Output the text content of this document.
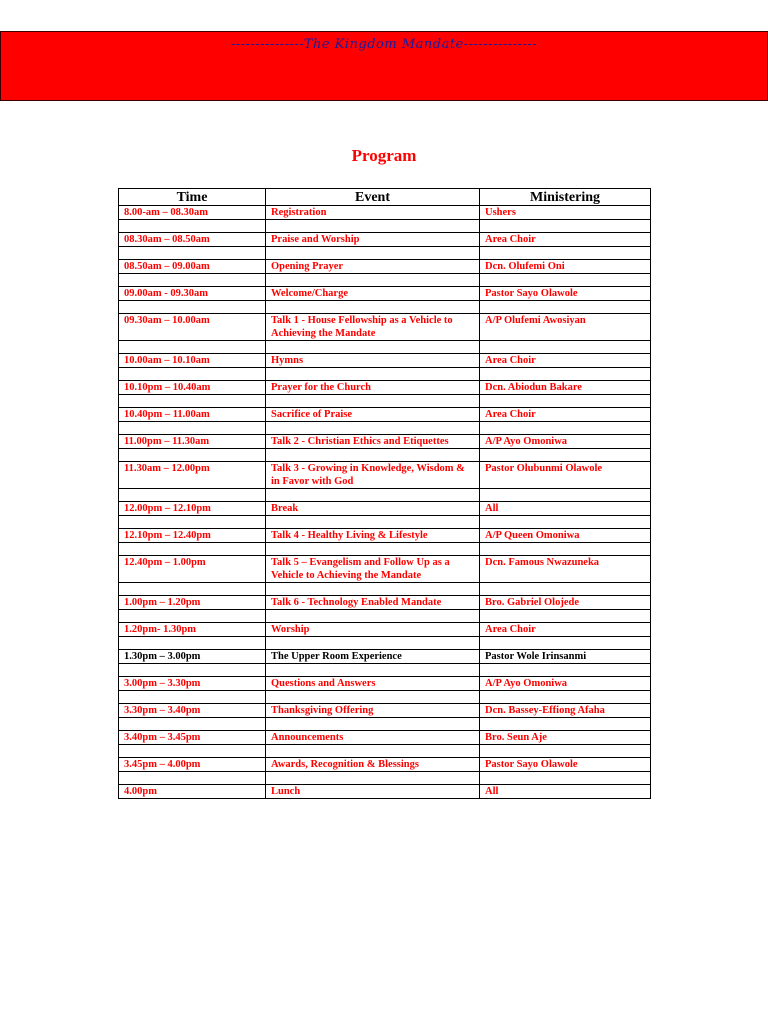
---------------The Kingdom Mandate---------------
Program
Time	Event	Ministering
8.00-am – 08.30am	Registration	Ushers

08.30am – 08.50am	Praise and Worship	Area Choir

08.50am – 09.00am	Opening Prayer	Dcn. Olufemi Oni

09.00am - 09.30am	Welcome/Charge	Pastor Sayo Olawole

09.30am – 10.00am	Talk 1 - House Fellowship as a Vehicle to Achieving the Mandate	A/P Olufemi Awosiyan

10.00am – 10.10am	Hymns	Area Choir

10.10pm – 10.40am	Prayer for the Church	Dcn. Abiodun Bakare

10.40pm – 11.00am	Sacrifice of Praise	Area Choir

11.00pm – 11.30am	Talk 2 - Christian Ethics and Etiquettes	A/P Ayo Omoniwa

11.30am – 12.00pm	Talk 3 - Growing in Knowledge, Wisdom & in Favor with God	Pastor Olubunmi Olawole

12.00pm – 12.10pm	Break	All

12.10pm – 12.40pm	Talk 4 - Healthy Living & Lifestyle	A/P Queen Omoniwa

12.40pm – 1.00pm	Talk 5 – Evangelism and Follow Up as a Vehicle to Achieving the Mandate	Dcn. Famous Nwazuneka

1.00pm – 1.20pm	Talk 6 - Technology Enabled Mandate	Bro. Gabriel Olojede

1.20pm- 1.30pm	Worship	Area Choir

1.30pm – 3.00pm	The Upper Room Experience	Pastor Wole Irinsanmi

3.00pm – 3.30pm	Questions and Answers	A/P Ayo Omoniwa

3.30pm – 3.40pm	Thanksgiving Offering	Dcn. Bassey-Effiong Afaha

3.40pm – 3.45pm	Announcements	Bro. Seun Aje

3.45pm – 4.00pm	Awards, Recognition & Blessings	Pastor Sayo Olawole

4.00pm	Lunch	All
